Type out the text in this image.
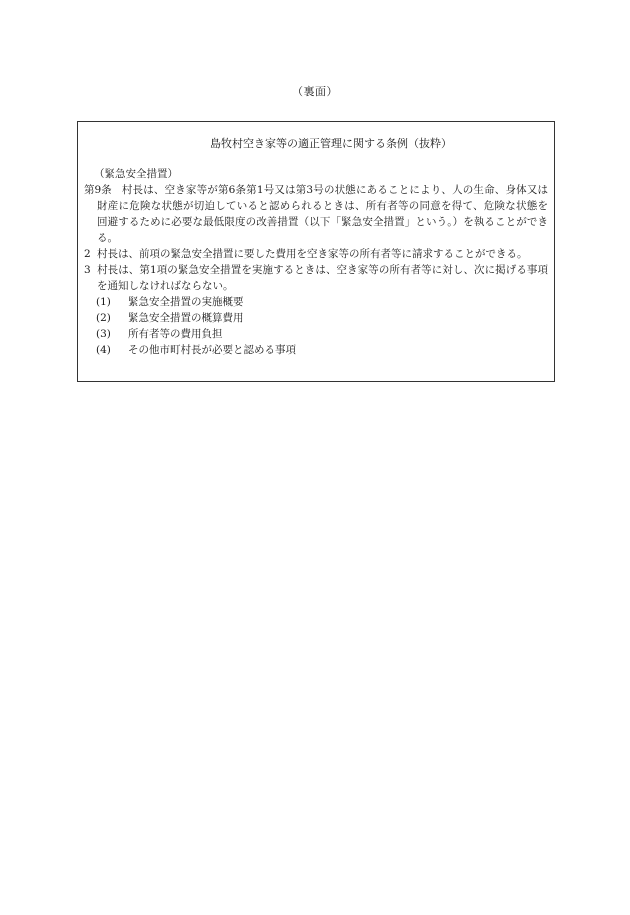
（裏面）
島牧村空き家等の適正管理に関する条例（抜粋）

（緊急安全措置）

第9条 村長は、空き家等が第6条第1号又は第3号の状態にあることにより、人の生命、身体又は財産に危険な状態が切迫していると認められるときは、所有者等の同意を得て、危険な状態を回避するために必要な最低限度の改善措置（以下「緊急安全措置」という。）を執ることができる。

2 村長は、前項の緊急安全措置に要した費用を空き家等の所有者等に請求することができる。

3 村長は、第1項の緊急安全措置を実施するときは、空き家等の所有者等に対し、次に掲げる事項を通知しなければならない。

(1) 緊急安全措置の実施概要
(2) 緊急安全措置の概算費用
(3) 所有者等の費用負担
(4) その他市町村長が必要と認める事項
